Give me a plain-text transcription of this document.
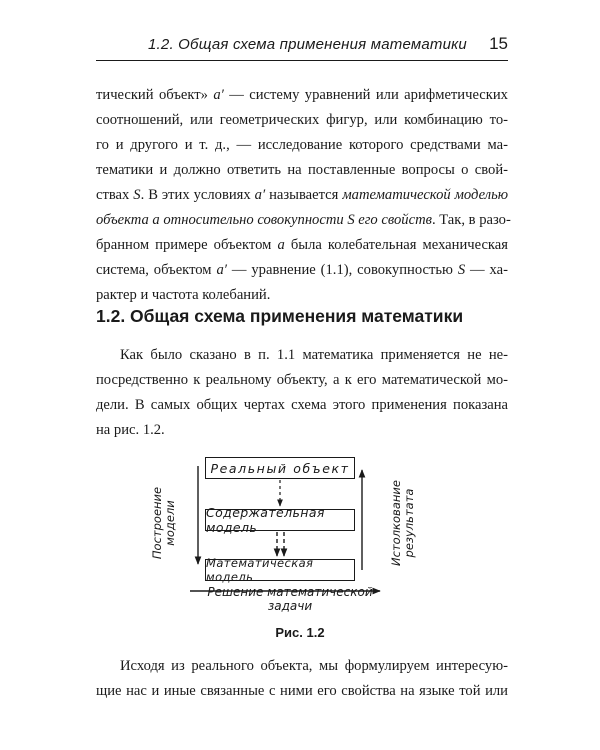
1.2. Общая схема применения математики 15
тический объект» a′ — систему уравнений или арифметических
соотношений, или геометрических фигур, или комбинацию то-
го и другого и т. д., — исследование которого средствами ма-
тематики и должно ответить на поставленные вопросы о свой-
ствах S. В этих условиях a′ называется математической моделью
объекта a относительно совокупности S его свойств. Так, в разо-
бранном примере объектом a была колебательная механическая
система, объектом a′ — уравнение (1.1), совокупностью S — ха-
рактер и частота колебаний.
1.2. Общая схема применения математики
Как было сказано в п. 1.1 математика применяется не не-
посредственно к реальному объекту, а к его математической мо-
дели. В самых общих чертах схема этого применения показана
на рис. 1.2.
Реальный объект
Содержательная модель
Математическая модель
Построение модели	Истолкование результата
Решение математической
задачи
Рис. 1.2
Исходя из реального объекта, мы формулируем интересую-
щие нас и иные связанные с ними его свойства на языке той или
